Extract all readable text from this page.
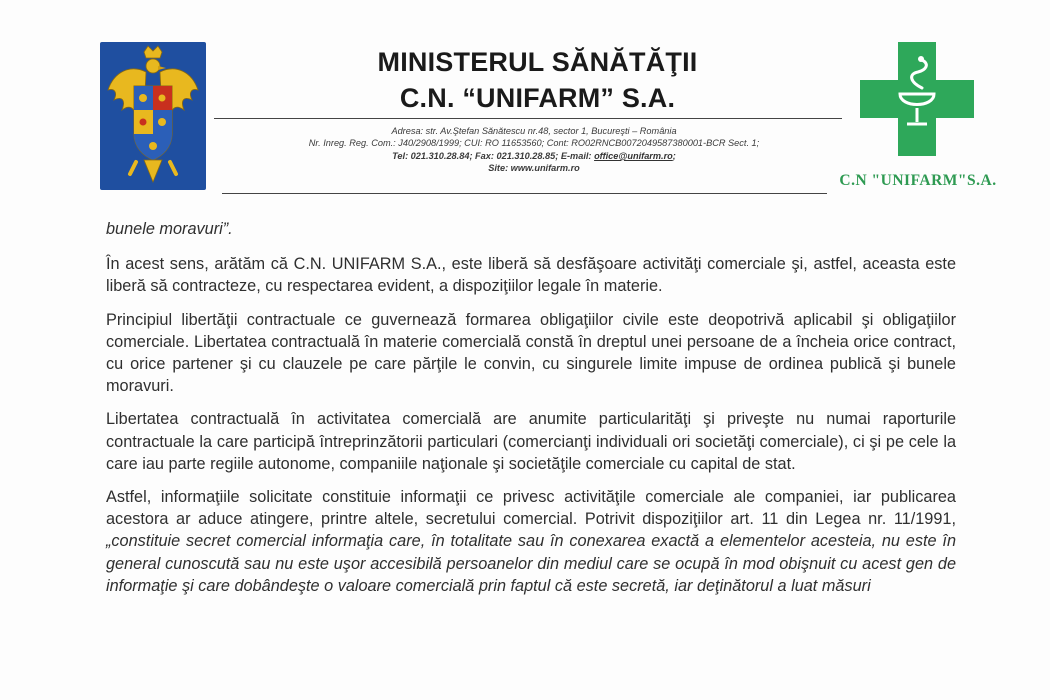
MINISTERUL SĂNĂTĂŢII
C.N. “UNIFARM” S.A.
Adresa: str. Av.Ştefan Sănătescu nr.48, sector 1, Bucureşti – România
Nr. Inreg. Reg. Com.: J40/2908/1999; CUI: RO 11653560; Cont: RO02RNCB0072049587380001-BCR Sect. 1;
Tel: 021.310.28.84; Fax: 021.310.28.85; E-mail: office@unifarm.ro;
Site: www.unifarm.ro
C.N "UNIFARM"S.A.

bunele moravuri”.

În acest sens, arătăm că C.N. UNIFARM S.A., este liberă să desfăşoare activităţi comerciale şi, astfel, aceasta este liberă să contracteze, cu respectarea evident, a dispoziţiilor legale în materie.

Principiul libertăţii contractuale ce guvernează formarea obligaţiilor civile este deopotrivă aplicabil şi obligaţiilor comerciale. Libertatea contractuală în materie comercială constă în dreptul unei persoane de a încheia orice contract, cu orice partener şi cu clauzele pe care părţile le convin, cu singurele limite impuse de ordinea publică şi bunele moravuri.

Libertatea contractuală în activitatea comercială are anumite particularităţi şi priveşte nu numai raporturile contractuale la care participă întreprinzătorii particulari (comercianţi individuali ori societăţi comerciale), ci şi pe cele la care iau parte regiile autonome, companiile naţionale şi societăţile comerciale cu capital de stat.

Astfel, informaţiile solicitate constituie informaţii ce privesc activităţile comerciale ale companiei, iar publicarea acestora ar aduce atingere, printre altele, secretului comercial. Potrivit dispoziţiilor art. 11 din Legea nr. 11/1991, „constituie secret comercial informaţia care, în totalitate sau în conexarea exactă a elementelor acesteia, nu este în general cunoscută sau nu este uşor accesibilă persoanelor din mediul care se ocupă în mod obişnuit cu acest gen de informaţie şi care dobândeşte o valoare comercială prin faptul că este secretă, iar deţinătorul a luat măsuri
